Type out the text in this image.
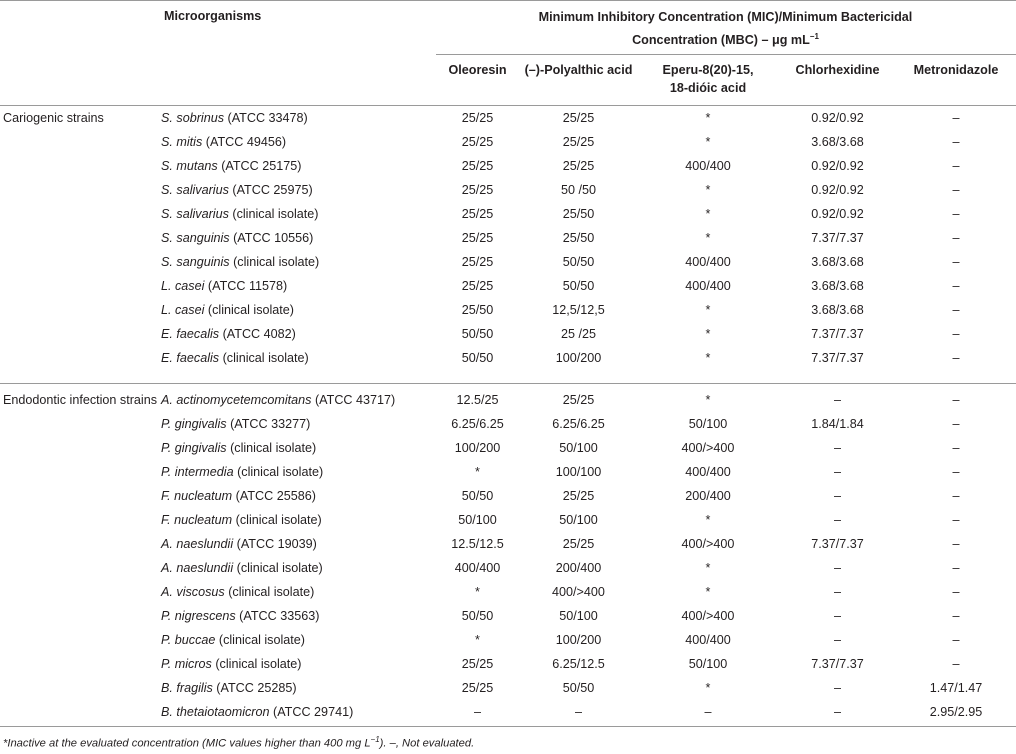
Microorganisms		Minimum Inhibitory Concentration (MIC)/Minimum Bactericidal
Concentration (MBC) – μg $mL^{-1}$
		Oleoresin	(–)-Polyalthic acid	Eperu-8(20)-15,
18-dióic acid	Chlorhexidine	Metronidazole

Cariogenic strains	S. sobrinus (ATCC 33478)	25/25	25/25	*	0.92/0.92	–
	S. mitis (ATCC 49456)	25/25	25/25	*	3.68/3.68	–
	S. mutans (ATCC 25175)	25/25	25/25	400/400	0.92/0.92	–
	S. salivarius (ATCC 25975)	25/25	50 /50	*	0.92/0.92	–
	S. salivarius (clinical isolate)	25/25	25/50	*	0.92/0.92	–
	S. sanguinis (ATCC 10556)	25/25	25/50	*	7.37/7.37	–
	S. sanguinis (clinical isolate)	25/25	50/50	400/400	3.68/3.68	–
	L. casei (ATCC 11578)	25/25	50/50	400/400	3.68/3.68	–
	L. casei (clinical isolate)	25/50	12,5/12,5	*	3.68/3.68	–
	E. faecalis (ATCC 4082)	50/50	25 /25	*	7.37/7.37	–
	E. faecalis (clinical isolate)	50/50	100/200	*	7.37/7.37	–

Endodontic infection strains	A. actinomycetemcomitans (ATCC 43717)	12.5/25	25/25	*	–	–
	P. gingivalis (ATCC 33277)	6.25/6.25	6.25/6.25	50/100	1.84/1.84	–
	P. gingivalis (clinical isolate)	100/200	50/100	400/>400	–	–
	P. intermedia (clinical isolate)	*	100/100	400/400	–	–
	F. nucleatum (ATCC 25586)	50/50	25/25	200/400	–	–
	F. nucleatum (clinical isolate)	50/100	50/100	*	–	–
	A. naeslundii (ATCC 19039)	12.5/12.5	25/25	400/>400	7.37/7.37	–
	A. naeslundii (clinical isolate)	400/400	200/400	*	–	–
	A. viscosus (clinical isolate)	*	400/>400	*	–	–
	P. nigrescens (ATCC 33563)	50/50	50/100	400/>400	–	–
	P. buccae (clinical isolate)	*	100/200	400/400	–	–
	P. micros (clinical isolate)	25/25	6.25/12.5	50/100	7.37/7.37	–
	B. fragilis (ATCC 25285)	25/25	50/50	*	–	1.47/1.47
	B. thetaiotaomicron (ATCC 29741)	–	–	–	–	2.95/2.95

*Inactive at the evaluated concentration (MIC values higher than 400 mg $L^{-1}$). –, Not evaluated.
